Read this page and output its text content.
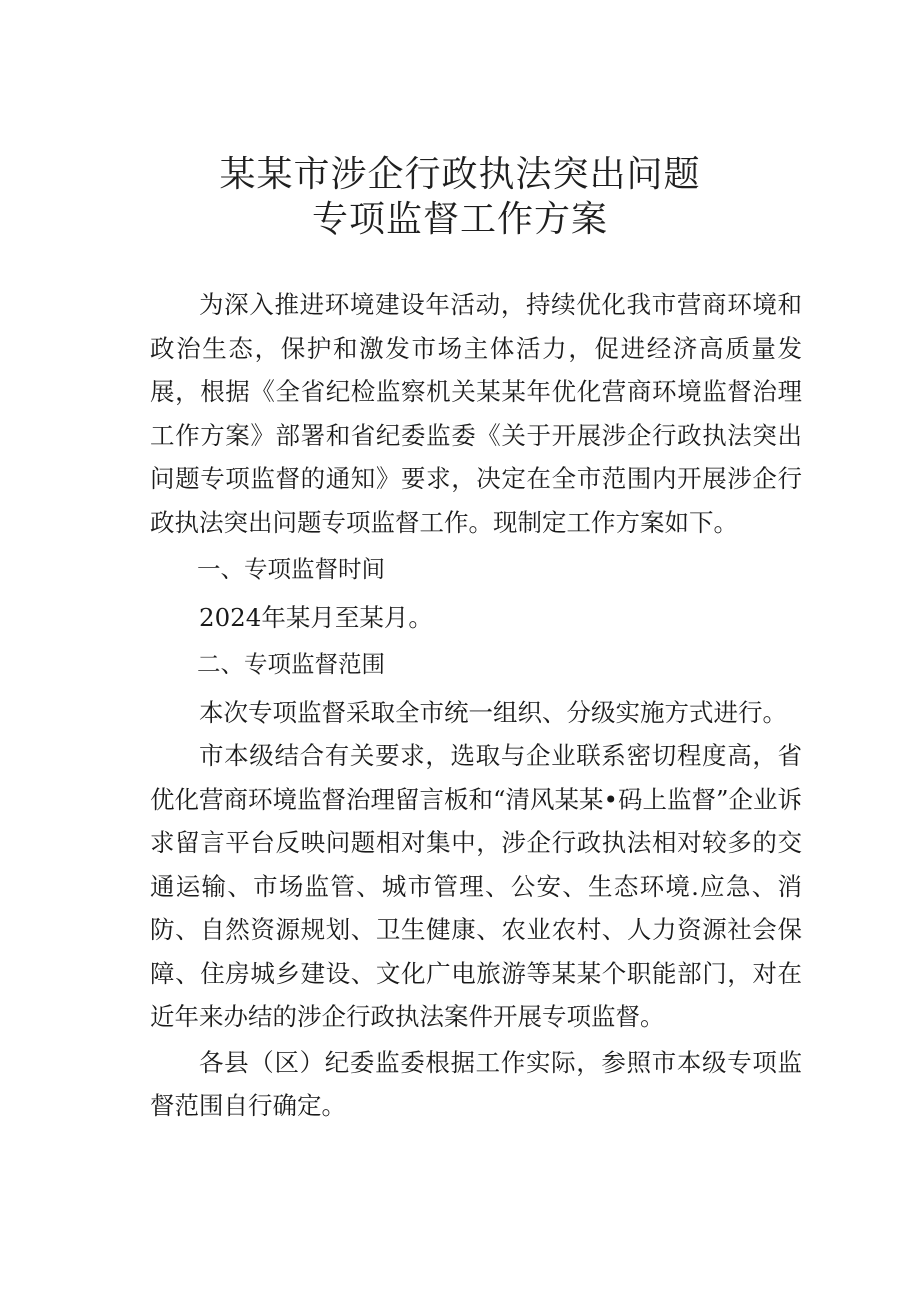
某某市涉企行政执法突出问题
专项监督工作方案

为深入推进环境建设年活动，持续优化我市营商环境和政治生态，保护和激发市场主体活力，促进经济高质量发展，根据《全省纪检监察机关某某年优化营商环境监督治理工作方案》部署和省纪委监委《关于开展涉企行政执法突出问题专项监督的通知》要求，决定在全市范围内开展涉企行政执法突出问题专项监督工作。现制定工作方案如下。

一、专项监督时间

2024年某月至某月。

二、专项监督范围

本次专项监督采取全市统一组织、分级实施方式进行。

市本级结合有关要求，选取与企业联系密切程度高，省优化营商环境监督治理留言板和“清风某某•码上监督”企业诉求留言平台反映问题相对集中，涉企行政执法相对较多的交通运输、市场监管、城市管理、公安、生态环境.应急、消防、自然资源规划、卫生健康、农业农村、人力资源社会保障、住房城乡建设、文化广电旅游等某某个职能部门，对在近年来办结的涉企行政执法案件开展专项监督。

各县（区）纪委监委根据工作实际，参照市本级专项监督范围自行确定。
